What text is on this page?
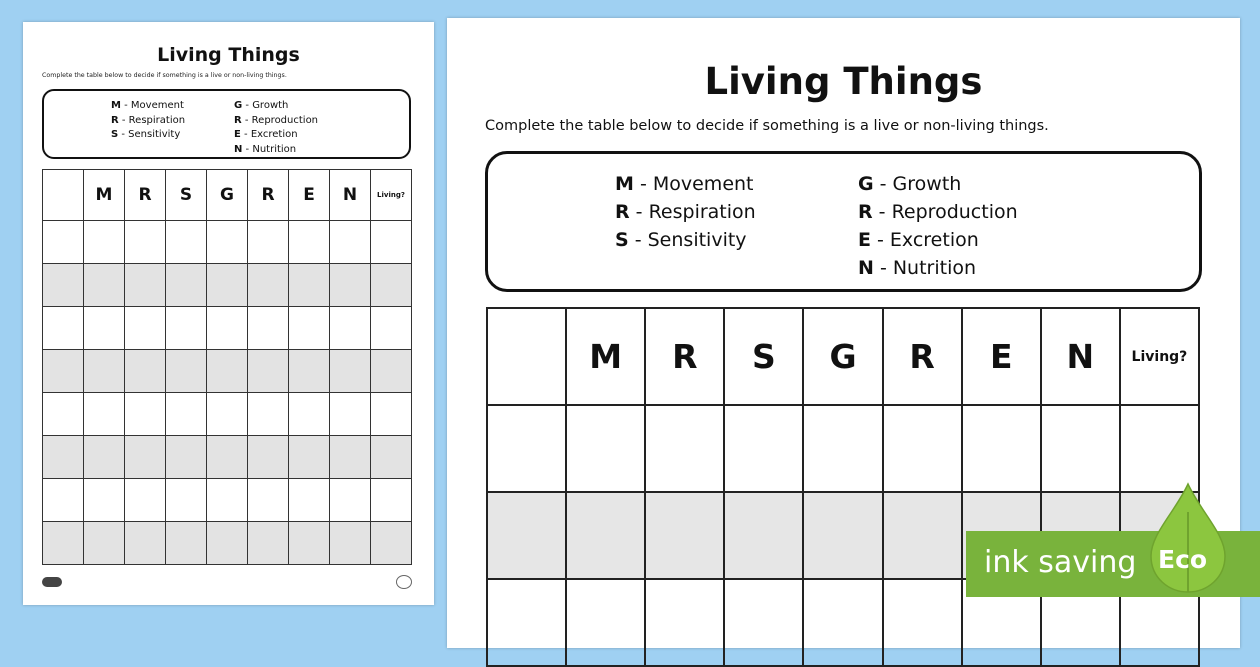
Living Things
Complete the table below to decide if something is a live or non-living things.
M - Movement
R - Respiration
S - Sensitivity
G - Growth
R - Reproduction
E - Excretion
N - Nutrition
	M	R	S	G	R	E	N	Living?

Living Things
Complete the table below to decide if something is a live or non-living things.
M - Movement
R - Respiration
S - Sensitivity
G - Growth
R - Reproduction
E - Excretion
N - Nutrition
	M	R	S	G	R	E	N	Living?

ink saving Eco
